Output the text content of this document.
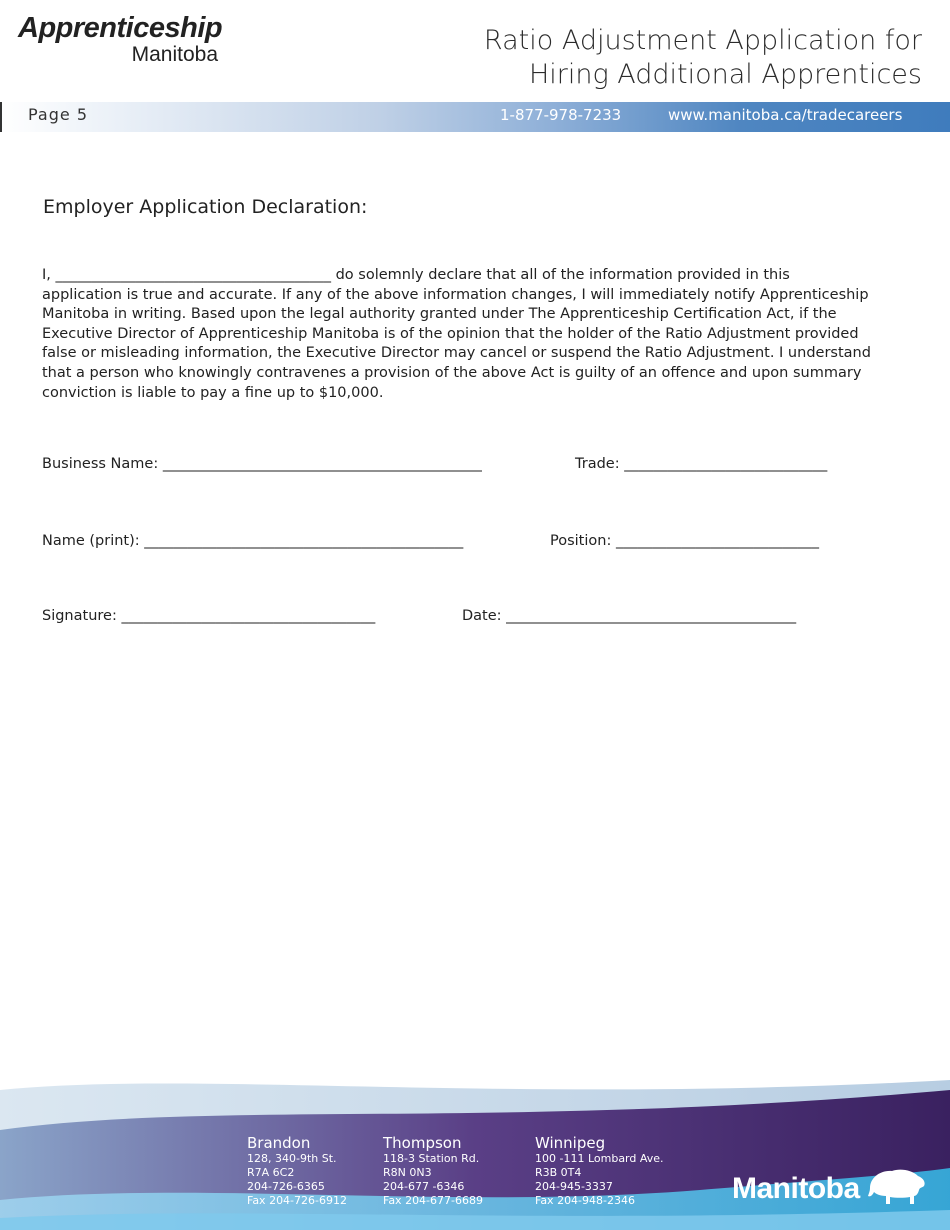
Apprenticeship
Manitoba	Ratio Adjustment Application for
Hiring Additional Apprentices
Page 5	1-877-978-7233	www.manitoba.ca/tradecareers
Employer Application Declaration:
I, ______________________________________ do solemnly declare that all of the information provided in this
application is true and accurate. If any of the above information changes, I will immediately notify Apprenticeship
Manitoba in writing. Based upon the legal authority granted under The Apprenticeship Certification Act, if the
Executive Director of Apprenticeship Manitoba is of the opinion that the holder of the Ratio Adjustment provided
false or misleading information, the Executive Director may cancel or suspend the Ratio Adjustment. I understand
that a person who knowingly contravenes a provision of the above Act is guilty of an offence and upon summary
conviction is liable to pay a fine up to $10,000.
Business Name: ____________________________________________	Trade: ____________________________
Name (print): ____________________________________________	Position: ____________________________
Signature: ___________________________________	Date: ________________________________________
Brandon
128, 340-9th St.
R7A 6C2
204-726-6365
Fax 204-726-6912
Thompson
118-3 Station Rd.
R8N 0N3
204-677 -6346
Fax 204-677-6689
Winnipeg
100 -111 Lombard Ave.
R3B 0T4
204-945-3337
Fax 204-948-2346	Manitoba
